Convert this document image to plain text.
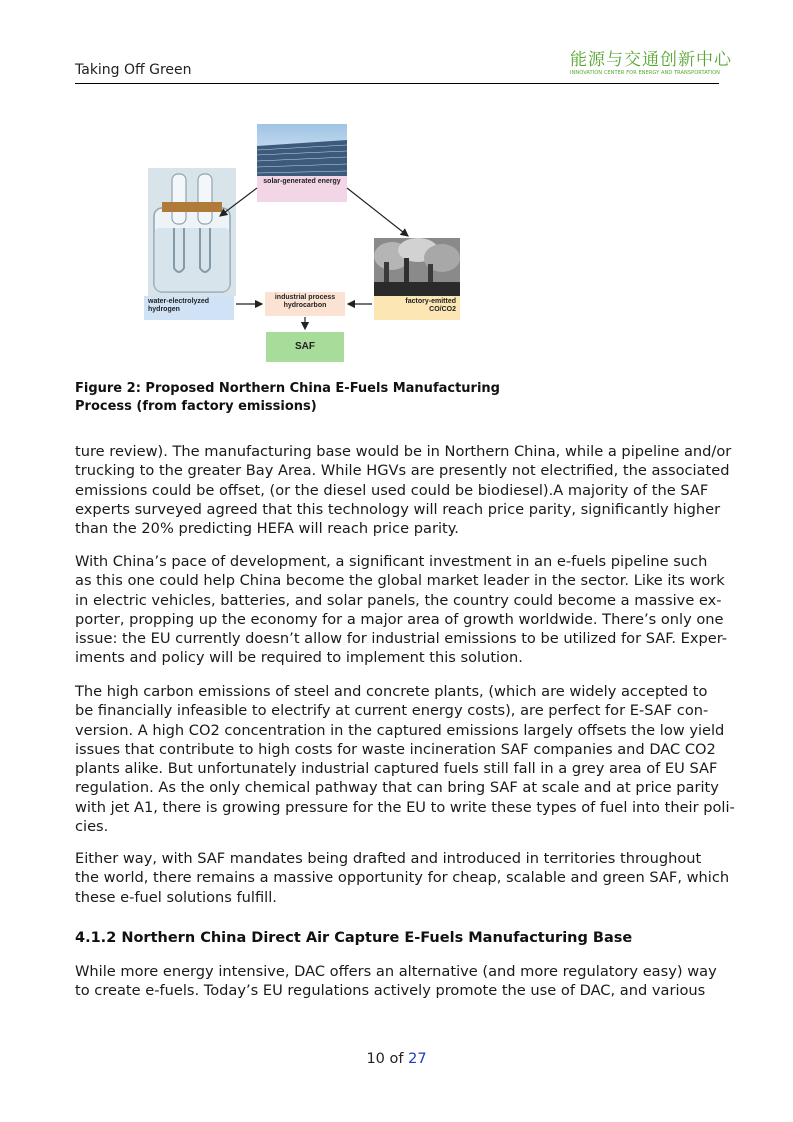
Taking Off Green	能源与交通创新中心
INNOVATION CENTER FOR ENERGY AND TRANSPORTATION
solar-generated energy
water-electrolyzed hydrogen
factory-emitted CO/CO2
industrial process hydrocarbon
SAF
Figure 2: Proposed Northern China E-Fuels Manufacturing
Process (from factory emissions)
ture review). The manufacturing base would be in Northern China, while a pipeline and/or
trucking to the greater Bay Area. While HGVs are presently not electrified, the associated
emissions could be offset, (or the diesel used could be biodiesel).A majority of the SAF
experts surveyed agreed that this technology will reach price parity, significantly higher
than the 20% predicting HEFA will reach price parity.
With China’s pace of development, a significant investment in an e-fuels pipeline such
as this one could help China become the global market leader in the sector. Like its work
in electric vehicles, batteries, and solar panels, the country could become a massive ex-
porter, propping up the economy for a major area of growth worldwide. There’s only one
issue: the EU currently doesn’t allow for industrial emissions to be utilized for SAF. Exper-
iments and policy will be required to implement this solution.
The high carbon emissions of steel and concrete plants, (which are widely accepted to
be financially infeasible to electrify at current energy costs), are perfect for E-SAF con-
version. A high CO2 concentration in the captured emissions largely offsets the low yield
issues that contribute to high costs for waste incineration SAF companies and DAC CO2
plants alike. But unfortunately industrial captured fuels still fall in a grey area of EU SAF
regulation. As the only chemical pathway that can bring SAF at scale and at price parity
with jet A1, there is growing pressure for the EU to write these types of fuel into their poli-
cies.
Either way, with SAF mandates being drafted and introduced in territories throughout
the world, there remains a massive opportunity for cheap, scalable and green SAF, which
these e-fuel solutions fulfill.
4.1.2 Northern China Direct Air Capture E-Fuels Manufacturing Base
While more energy intensive, DAC offers an alternative (and more regulatory easy) way
to create e-fuels. Today’s EU regulations actively promote the use of DAC, and various
10 of 27
